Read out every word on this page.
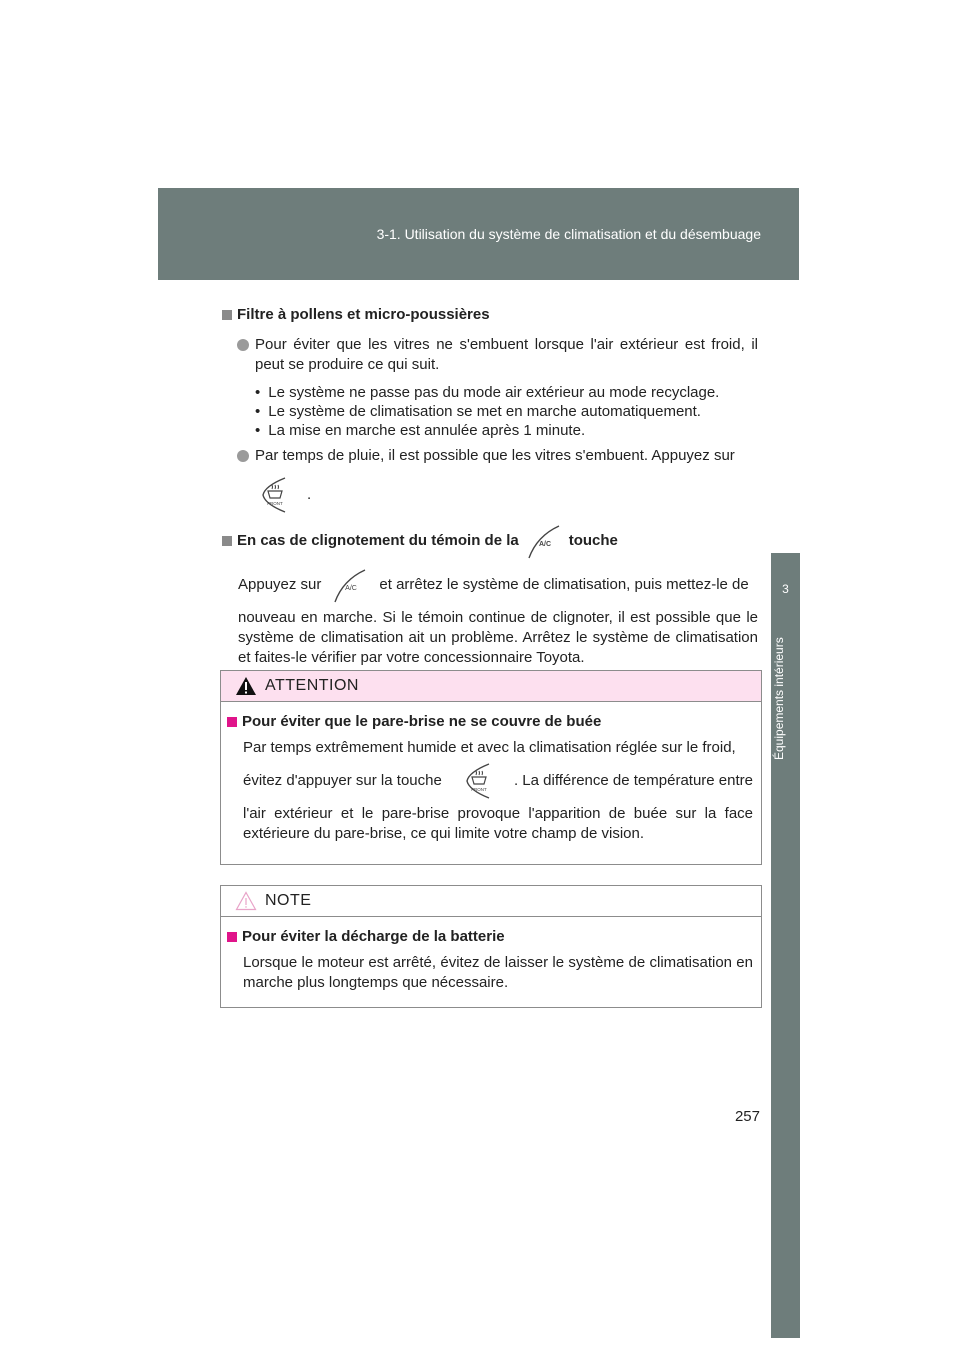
3-1. Utilisation du système de climatisation et du désembuage
3
Équipements intérieurs
Filtre à pollens et micro-poussières
Pour éviter que les vitres ne s'embuent lorsque l'air extérieur est froid, il peut se produire ce qui suit.
• Le système ne passe pas du mode air extérieur au mode recyclage.
• Le système de climatisation se met en marche automatiquement.
• La mise en marche est annulée après 1 minute.
Par temps de pluie, il est possible que les vitres s'embuent. Appuyez sur
FRONT
.
En cas de clignotement du témoin de la	A/C touche
Appuyez sur	A/C et arrêtez le système de climatisation, puis mettez-le de
nouveau en marche. Si le témoin continue de clignoter, il est possible que le système de climatisation ait un problème. Arrêtez le système de climatisation et faites-le vérifier par votre concessionnaire Toyota.
ATTENTION
Pour éviter que le pare-brise ne se couvre de buée
Par temps extrêmement humide et avec la climatisation réglée sur le froid,
évitez d'appuyer sur la touche
FRONT
. La différence de température entre
l'air extérieur et le pare-brise provoque l'apparition de buée sur la face extérieure du pare-brise, ce qui limite votre champ de vision.
NOTE
Pour éviter la décharge de la batterie
Lorsque le moteur est arrêté, évitez de laisser le système de climatisation en marche plus longtemps que nécessaire.
257
